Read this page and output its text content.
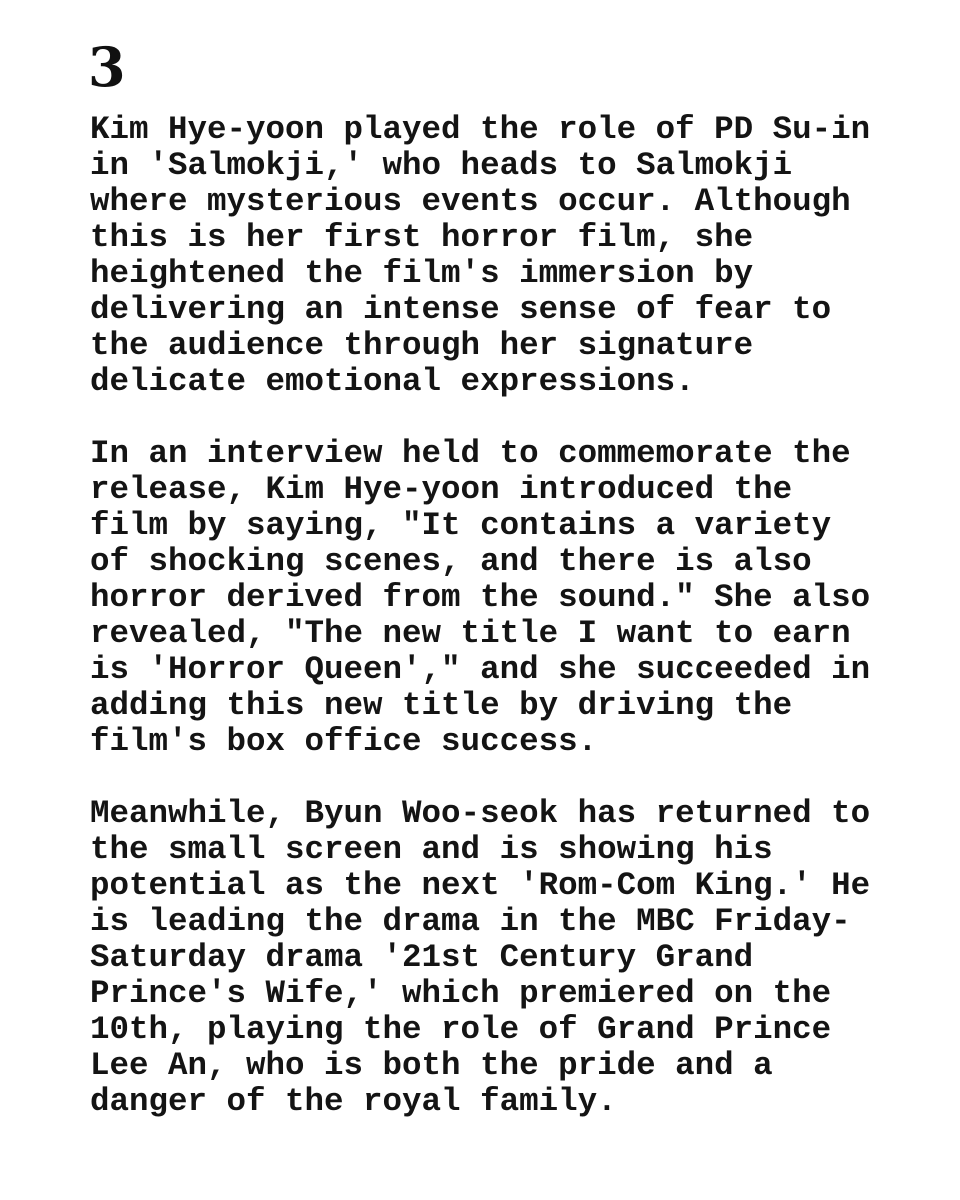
3

Kim Hye-yoon played the role of PD Su-in
in 'Salmokji,' who heads to Salmokji
where mysterious events occur. Although
this is her first horror film, she
heightened the film's immersion by
delivering an intense sense of fear to
the audience through her signature
delicate emotional expressions.

In an interview held to commemorate the
release, Kim Hye-yoon introduced the
film by saying, "It contains a variety
of shocking scenes, and there is also
horror derived from the sound." She also
revealed, "The new title I want to earn
is 'Horror Queen'," and she succeeded in
adding this new title by driving the
film's box office success.

Meanwhile, Byun Woo-seok has returned to
the small screen and is showing his
potential as the next 'Rom-Com King.' He
is leading the drama in the MBC Friday-
Saturday drama '21st Century Grand
Prince's Wife,' which premiered on the
10th, playing the role of Grand Prince
Lee An, who is both the pride and a
danger of the royal family.
